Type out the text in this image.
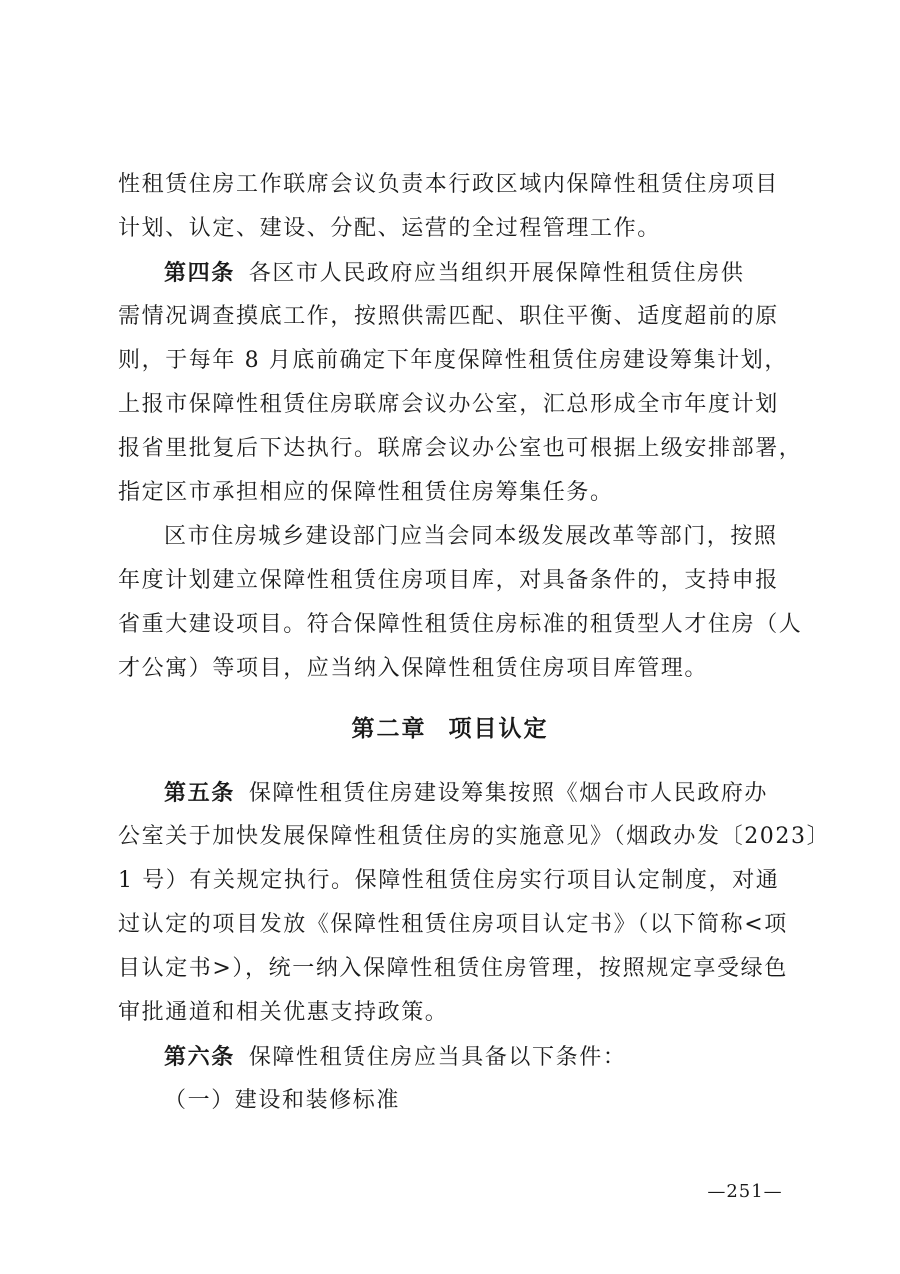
性租赁住房工作联席会议负责本行政区域内保障性租赁住房项目
计划、认定、建设、分配、运营的全过程管理工作。
第四条 各区市人民政府应当组织开展保障性租赁住房供
需情况调查摸底工作，按照供需匹配、职住平衡、适度超前的原
则，于每年 8 月底前确定下年度保障性租赁住房建设筹集计划，
上报市保障性租赁住房联席会议办公室，汇总形成全市年度计划
报省里批复后下达执行。联席会议办公室也可根据上级安排部署，
指定区市承担相应的保障性租赁住房筹集任务。
区市住房城乡建设部门应当会同本级发展改革等部门，按照
年度计划建立保障性租赁住房项目库，对具备条件的，支持申报
省重大建设项目。符合保障性租赁住房标准的租赁型人才住房（人
才公寓）等项目，应当纳入保障性租赁住房项目库管理。
第二章 项目认定
第五条 保障性租赁住房建设筹集按照《烟台市人民政府办
公室关于加快发展保障性租赁住房的实施意见》（烟政办发〔2023〕
1 号）有关规定执行。保障性租赁住房实行项目认定制度，对通
过认定的项目发放《保障性租赁住房项目认定书》（以下简称<项
目认定书>），统一纳入保障性租赁住房管理，按照规定享受绿色
审批通道和相关优惠支持政策。
第六条 保障性租赁住房应当具备以下条件：
（一）建设和装修标准
—251—
